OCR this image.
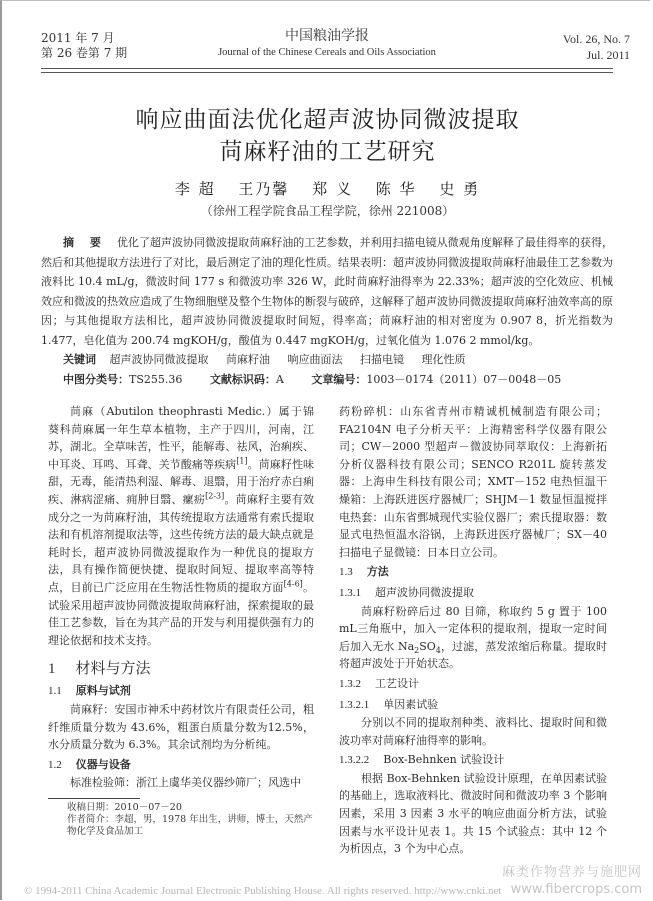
2011 年 7 月
第 26 卷第 7 期
中国粮油学报
Journal of the Chinese Cereals and Oils Association
Vol. 26, No. 7
Jul. 2011
响应曲面法优化超声波协同微波提取
苘麻籽油的工艺研究
李 超 王乃馨 郑 义 陈 华 史 勇
（徐州工程学院食品工程学院，徐州 221008）
摘 要 优化了超声波协同微波提取苘麻籽油的工艺参数，并利用扫描电镜从微观角度解释了最佳得率的获得，然后和其他提取方法进行了对比，最后测定了油的理化性质。结果表明：超声波协同微波提取苘麻籽油最佳工艺参数为液料比 10.4 mL/g，微波时间 177 s 和微波功率 326 W，此时苘麻籽油得率为 22.33%；超声波的空化效应、机械效应和微波的热效应造成了生物细胞壁及整个生物体的断裂与破碎，这解释了超声波协同微波提取苘麻籽油效率高的原因；与其他提取方法相比，超声波协同微波提取时间短，得率高；苘麻籽油的相对密度为 0.907 8，折光指数为 1.477，皂化值为 200.74 mgKOH/g，酸值为 0.447 mgKOH/g，过氧化值为 1.076 2 mmol/kg。
关键词 超声波协同微波提取 苘麻籽油 响应曲面法 扫描电镜 理化性质
中图分类号：TS255.36	文献标识码：A	文章编号：1003－0174（2011）07－0048－05

苘麻（Abutilon theophrasti Medic.）属于锦葵科苘麻属一年生草本植物，主产于四川，河南，江苏，湖北。全草味苦，性平，能解毒、祛风，治痢疾、中耳炎、耳鸣、耳聋、关节酸痛等疾病[1]。苘麻籽性味甜，无毒，能清热利湿、解毒、退翳，用于治疗赤白痢疾、淋病涩痛、痈肿目翳、瘰疬[2-3]。苘麻籽主要有效成分之一为苘麻籽油，其传统提取方法通常有索氏提取法和有机溶剂提取法等，这些传统方法的最大缺点就是耗时长，超声波协同微波提取作为一种优良的提取方法，具有操作简便快捷、提取时间短、提取率高等特点，目前已广泛应用在生物活性物质的提取方面[4-6]。试验采用超声波协同微波提取苘麻籽油，探索提取的最佳工艺参数，旨在为其产品的开发与利用提供强有力的理论依据和技术支持。

1 材料与方法
1.1 原料与试剂

苘麻籽：安国市神禾中药材饮片有限责任公司，粗纤维质量分数为 43.6%，粗蛋白质量分数为12.5%，水分质量分数为 6.3%。其余试剂均为分析纯。

1.2 仪器与设备

标准检验筛：浙江上虞华美仪器纱筛厂；风选中

药粉碎机：山东省青州市精诚机械制造有限公司；FA2104N 电子分析天平：上海精密科学仪器有限公司；CW－2000 型超声－微波协同萃取仪：上海新拓分析仪器科技有限公司；SENCO R201L 旋转蒸发器：上海申生科技有限公司；XMT－152 电热恒温干燥箱：上海跃进医疗器械厂；SHJM－1 数显恒温搅拌电热套：山东省鄄城现代实验仪器厂；索氏提取器：数显式电热恒温水浴锅，上海跃进医疗器械厂；SX－40 扫描电子显微镜：日本日立公司。

1.3 方法
1.3.1 超声波协同微波提取

苘麻籽粉碎后过 80 目筛，称取约 5 g 置于 100 mL三角瓶中，加入一定体积的提取剂，提取一定时间后加入无水 $Na_2SO_4$，过滤，蒸发浓缩后称量。提取时将超声波处于开始状态。

1.3.2 工艺设计
1.3.2.1 单因素试验

分别以不同的提取剂种类、液料比、提取时间和微波功率对苘麻籽油得率的影响。

1.3.2.2 Box-Behnken 试验设计

根据 Box-Behnken 试验设计原理，在单因素试验的基础上，选取液料比、微波时间和微波功率 3 个影响因素，采用 3 因素 3 水平的响应曲面分析方法，试验因素与水平设计见表 1。共 15 个试验点：其中 12 个为析因点，3 个为中心点。

收稿日期：2010－07－20
作者简介：李超，男，1978 年出生，讲师，博士，天然产物化学及食品加工
© 1994-2011 China Academic Journal Electronic Publishing House. All rights reserved. http://www.cnki.net
麻类作物营养与施肥网
www.fibercrops.com
